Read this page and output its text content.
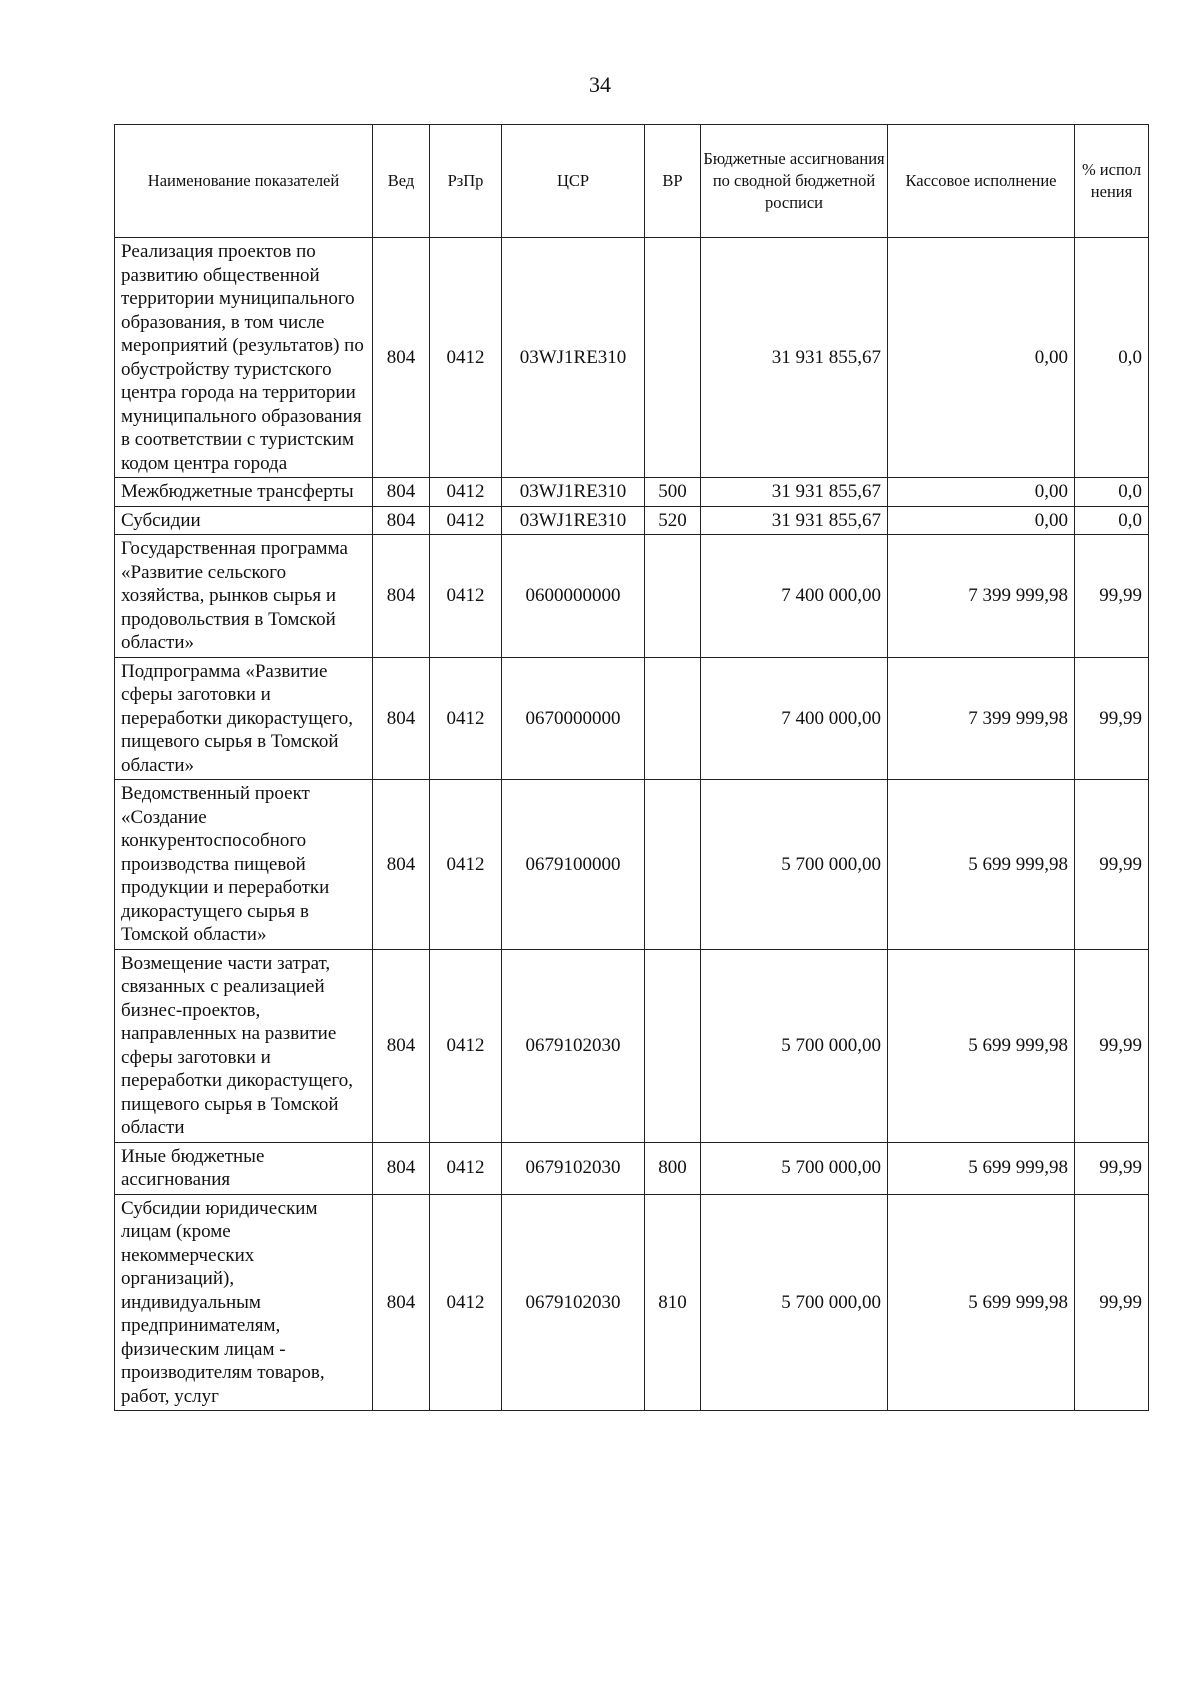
34
Наименование показателей	Вед	РзПр	ЦСР	ВР	Бюджетные ассигнования по сводной бюджетной росписи	Кассовое исполнение	% испол нения
Реализация проектов по развитию общественной территории муниципального образования, в том числе мероприятий (результатов) по обустройству туристского центра города на территории муниципального образования в соответствии с туристским кодом центра города	804	0412	03WJ1RE310		31 931 855,67	0,00	0,0
Межбюджетные трансферты	804	0412	03WJ1RE310	500	31 931 855,67	0,00	0,0
Субсидии	804	0412	03WJ1RE310	520	31 931 855,67	0,00	0,0
Государственная программа «Развитие сельского хозяйства, рынков сырья и продовольствия в Томской области»	804	0412	0600000000		7 400 000,00	7 399 999,98	99,99
Подпрограмма «Развитие сферы заготовки и переработки дикорастущего, пищевого сырья в Томской области»	804	0412	0670000000		7 400 000,00	7 399 999,98	99,99
Ведомственный проект «Создание конкурентоспособного производства пищевой продукции и переработки дикорастущего сырья в Томской области»	804	0412	0679100000		5 700 000,00	5 699 999,98	99,99
Возмещение части затрат, связанных с реализацией бизнес-проектов, направленных на развитие сферы заготовки и переработки дикорастущего, пищевого сырья в Томской области	804	0412	0679102030		5 700 000,00	5 699 999,98	99,99
Иные бюджетные ассигнования	804	0412	0679102030	800	5 700 000,00	5 699 999,98	99,99
Субсидии юридическим лицам (кроме некоммерческих организаций), индивидуальным предпринимателям, физическим лицам - производителям товаров, работ, услуг	804	0412	0679102030	810	5 700 000,00	5 699 999,98	99,99
